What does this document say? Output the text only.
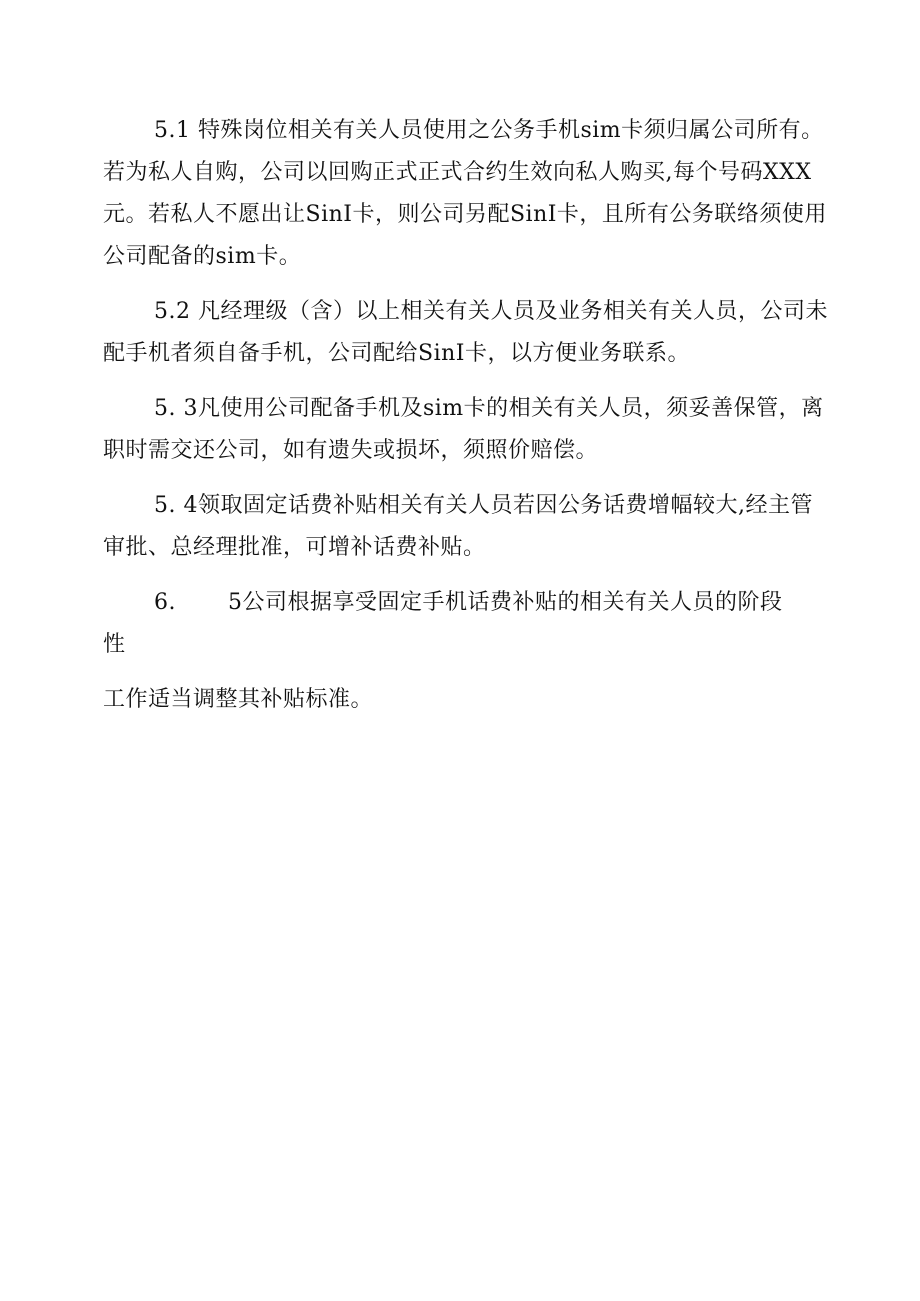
5.1 特殊岗位相关有关人员使用之公务手机sim卡须归属公司所有。若为私人自购，公司以回购正式正式合约生效向私人购买,每个号码XXX元。若私人不愿出让SinI卡，则公司另配SinI卡，且所有公务联络须使用公司配备的sim卡。

5.2 凡经理级（含）以上相关有关人员及业务相关有关人员，公司未配手机者须自备手机，公司配给SinI卡，以方便业务联系。

5. 3凡使用公司配备手机及sim卡的相关有关人员，须妥善保管，离职时需交还公司，如有遗失或损坏，须照价赔偿。

5. 4领取固定话费补贴相关有关人员若因公务话费增幅较大,经主管审批、总经理批准，可增补话费补贴。

6. 5公司根据享受固定手机话费补贴的相关有关人员的阶段
性
工作适当调整其补贴标准。
